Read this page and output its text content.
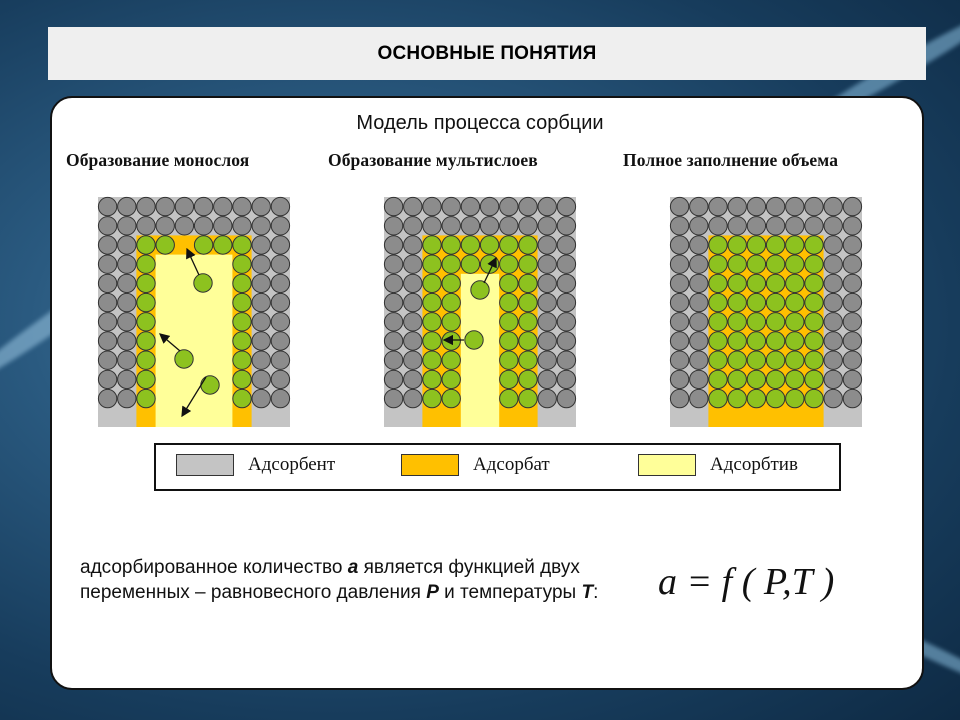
ОСНОВНЫЕ ПОНЯТИЯ
Модель процесса сорбции
Образование монослоя	Образование мультислоев	Полное заполнение объема
Адсорбент	Адсорбат	Адсорбтив
адсорбированное количество a является функцией двух переменных – равновесного давления P и температуры T: a = f ( P,T )
